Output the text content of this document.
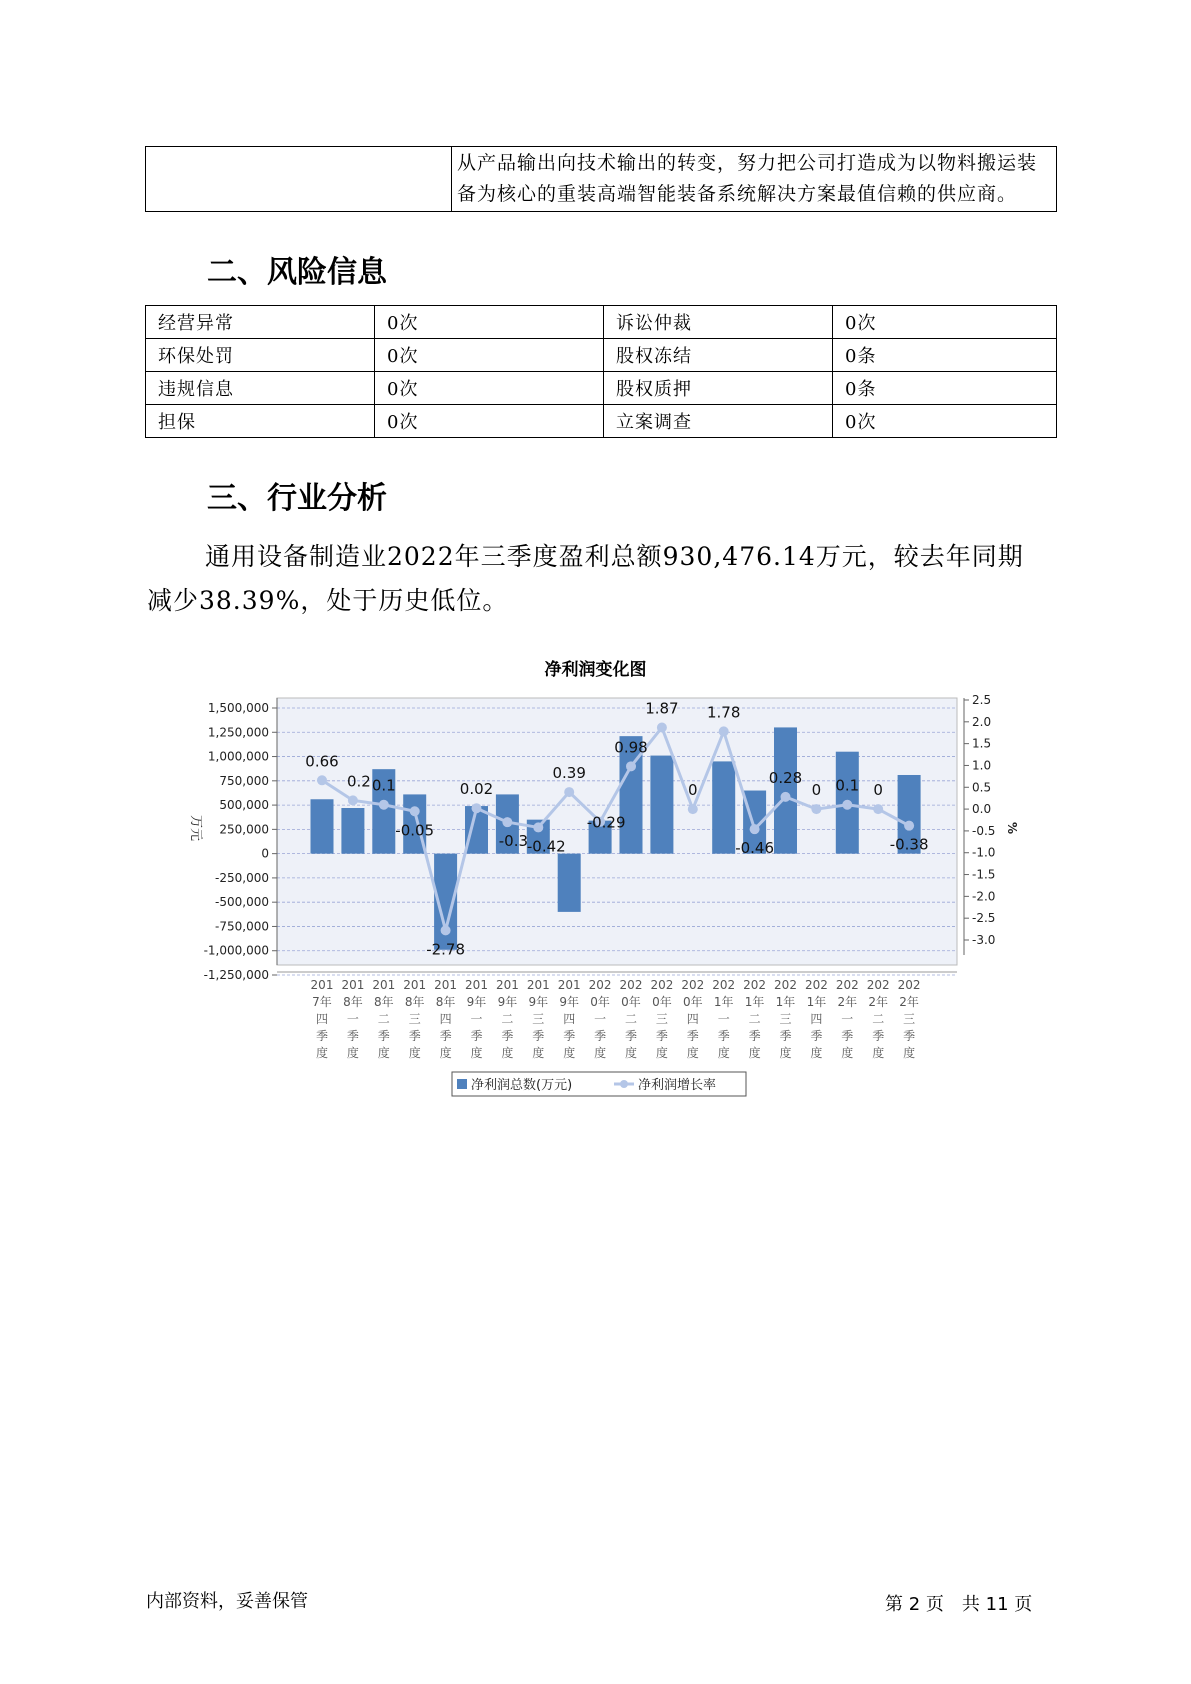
	从产品输出向技术输出的转变，努力把公司打造成为以物料搬运装备为核心的重装高端智能装备系统解决方案最值信赖的供应商。
二、风险信息
经营异常	0次	诉讼仲裁	0次
环保处罚	0次	股权冻结	0条
违规信息	0次	股权质押	0条
担保	0次	立案调查	0次
三、行业分析
通用设备制造业2022年三季度盈利总额930,476.14万元，较去年同期
减少38.39%，处于历史低位。
净利润变化图
1,500,000
1,250,000
1,000,000
750,000
500,000
250,000
0
-250,000
-500,000
-750,000
-1,000,000
-1,250,000
2.5
2.0
1.5
1.0
0.5
0.0
-0.5
-1.0
-1.5
-2.0
-2.5
-3.0
万元	%
0.66
0.2 0.1
-0.05
-2.78
0.02
-0.3
-0.42
0.39
-0.29
0.98
1.87
0
1.78
-0.46
0.28
0 0.1 0
-0.38
201
7年
四
季
度
201
8年
一
季
度
201
8年
二
季
度
201
8年
三
季
度
201
8年
四
季
度
201
9年
一
季
度
201
9年
二
季
度
201
9年
三
季
度
201
9年
四
季
度
202
0年
一
季
度
202
0年
二
季
度
202
0年
三
季
度
202
0年
四
季
度
202
1年
一
季
度
202
1年
二
季
度
202
1年
三
季
度
202
1年
四
季
度
202
2年
一
季
度
202
2年
二
季
度
202
2年
三
季
度
净利润总数(万元)	净利润增长率
内部资料，妥善保管	第 2 页　共 11 页
